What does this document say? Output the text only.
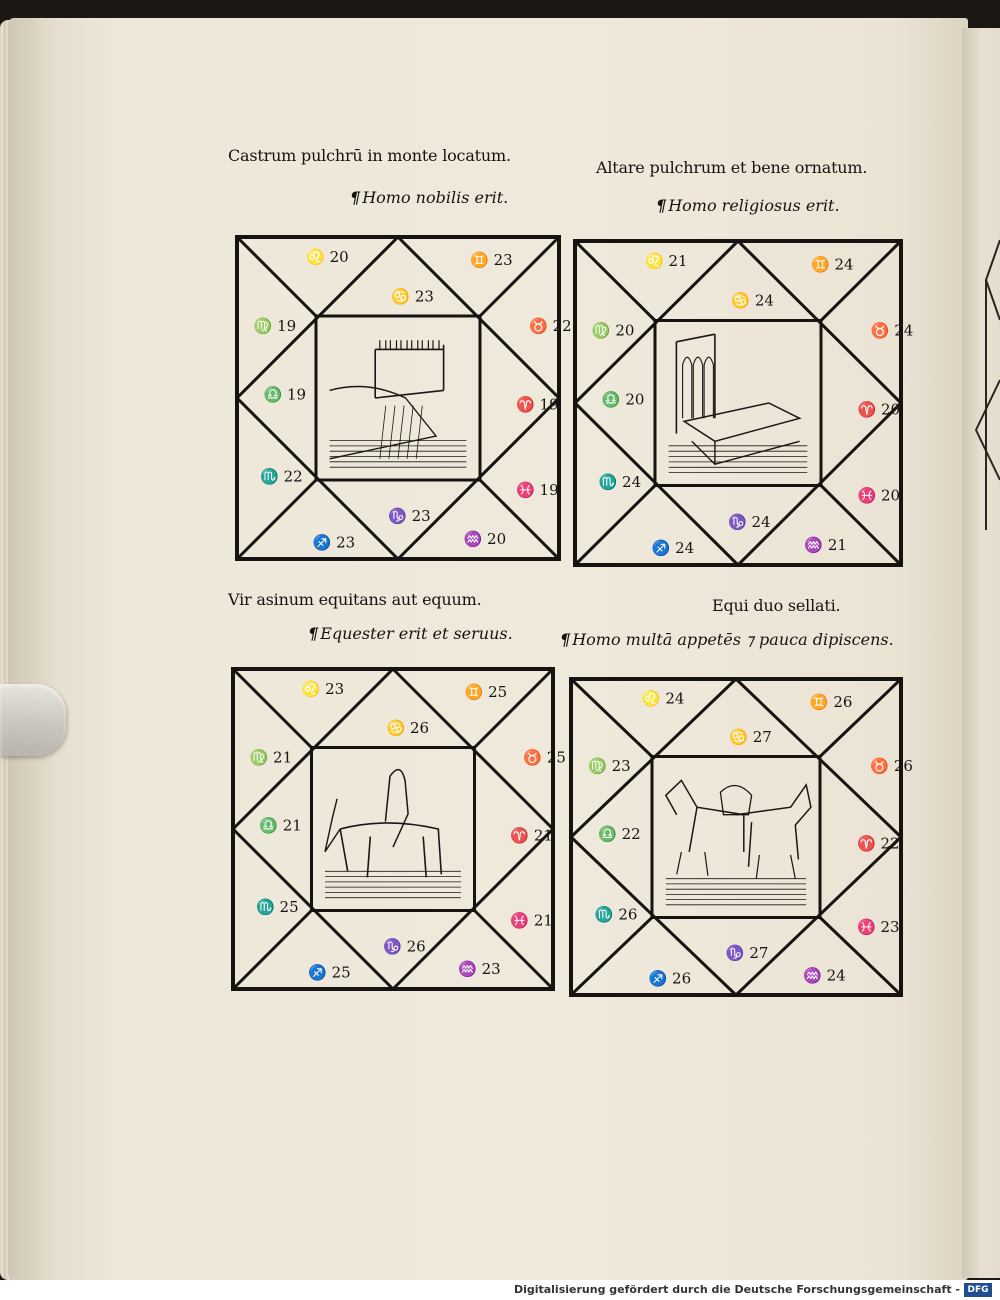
Castrum pulchrū in monte locatum.
¶ Homo nobilis erit.
Altare pulchrum et bene ornatum.
¶ Homo religiosus erit.
Vir asinum equitans aut equum.
¶ Equester erit et seruus.
Equi duo sellati.
¶ Homo multā appetēs ⁊ pauca dipiscens.
♌ 20	♊ 23
♋ 23
♍ 19	♉ 22
♎ 19
♈ 19
♏ 22
♓ 19
♑ 23
♐ 23	♒ 20
♌ 21	♊ 24
♋ 24
♍ 20	♉ 24
♎ 20
♈ 20
♏ 24
♓ 20
♑ 24
♐ 24	♒ 21
♌ 23	♊ 25
♋ 26
♍ 21	♉ 25
♎ 21
♈ 21
♏ 25
♓ 21
♑ 26
♐ 25	♒ 23
♌ 24	♊ 26
♋ 27
♍ 23	♉ 26
♎ 22
♈ 22
♏ 26
♓ 23
♑ 27
♐ 26	♒ 24
Digitalisierung gefördert durch die Deutsche Forschungsgemeinschaft - DFG
